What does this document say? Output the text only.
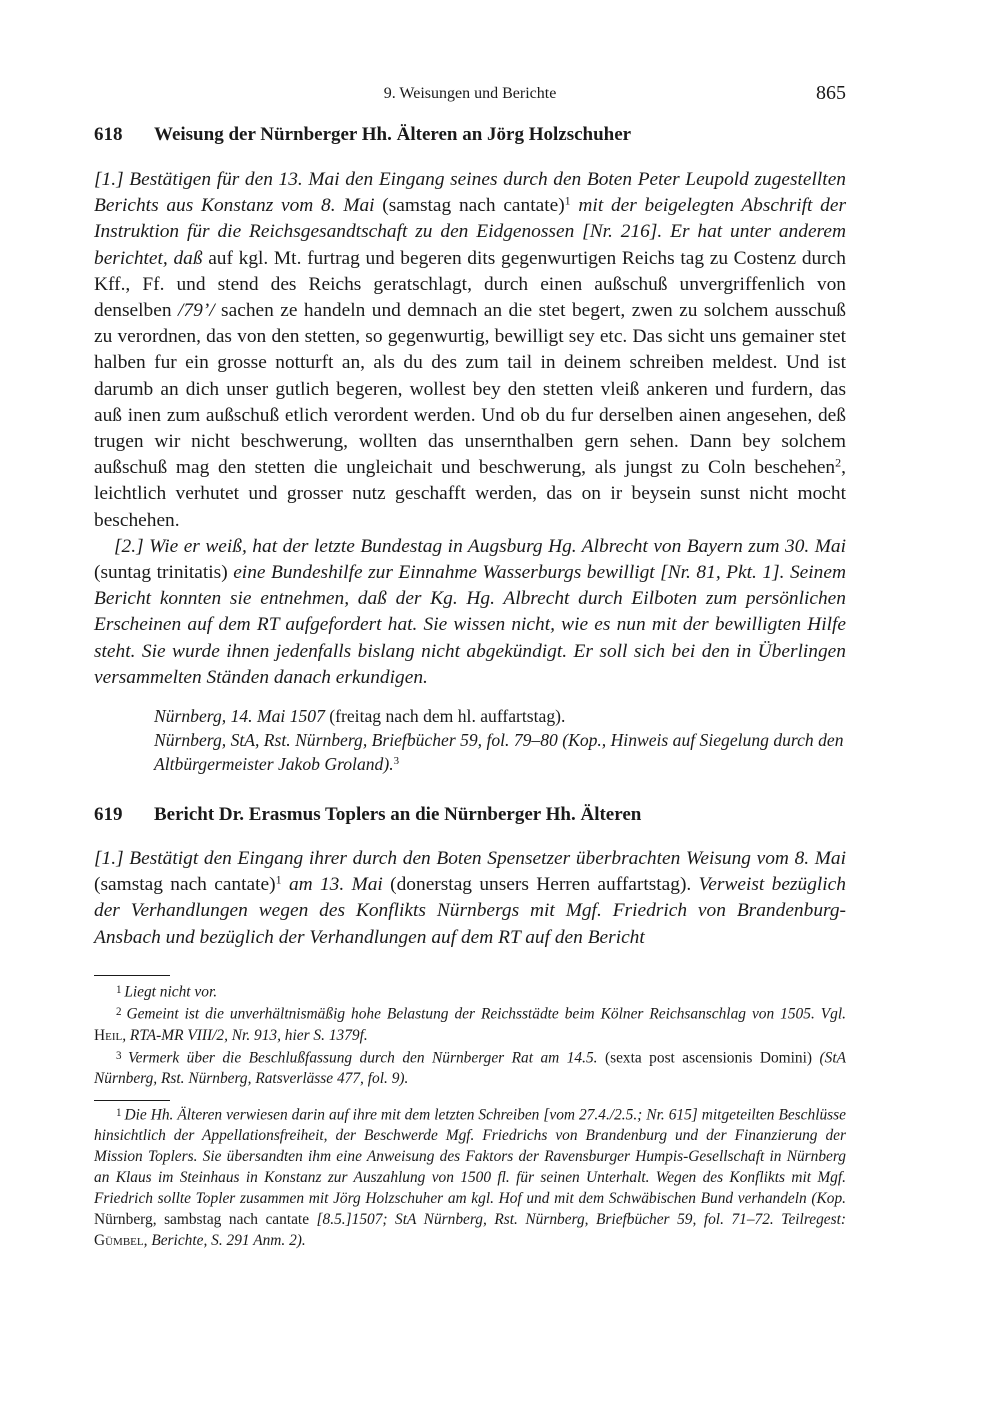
9. Weisungen und Berichte	865
618 Weisung der Nürnberger Hh. Älteren an Jörg Holzschuher

[1.] Bestätigen für den 13. Mai den Eingang seines durch den Boten Peter Leupold zugestellten Berichts aus Konstanz vom 8. Mai (samstag nach cantate)$^1$ mit der beigelegten Abschrift der Instruktion für die Reichsgesandtschaft zu den Eidgenossen [Nr. 216]. Er hat unter anderem berichtet, daß auf kgl. Mt. furtrag und begeren dits gegenwurtigen Reichs tag zu Costenz durch Kff., Ff. und stend des Reichs geratschlagt, durch einen außschuß unvergriffenlich von denselben /79’/ sachen ze handeln und demnach an die stet begert, zwen zu solchem ausschuß zu verordnen, das von den stetten, so gegenwurtig, bewilligt sey etc. Das sicht uns gemainer stet halben fur ein grosse notturft an, als du des zum tail in deinem schreiben meldest. Und ist darumb an dich unser gutlich begeren, wollest bey den stetten vleiß ankeren und furdern, das auß inen zum außschuß etlich verordent werden. Und ob du fur derselben ainen angesehen, deß trugen wir nicht beschwerung, wollten das unsernthalben gern sehen. Dann bey solchem außschuß mag den stetten die ungleichait und beschwerung, als jungst zu Coln beschehen$^2$, leichtlich verhutet und grosser nutz geschafft werden, das on ir beysein sunst nicht mocht beschehen.

[2.] Wie er weiß, hat der letzte Bundestag in Augsburg Hg. Albrecht von Bayern zum 30. Mai (suntag trinitatis) eine Bundeshilfe zur Einnahme Wasserburgs bewilligt [Nr. 81, Pkt. 1]. Seinem Bericht konnten sie entnehmen, daß der Kg. Hg. Albrecht durch Eilboten zum persönlichen Erscheinen auf dem RT aufgefordert hat. Sie wissen nicht, wie es nun mit der bewilligten Hilfe steht. Sie wurde ihnen jedenfalls bislang nicht abgekündigt. Er soll sich bei den in Überlingen versammelten Ständen danach erkundigen.

Nürnberg, 14. Mai 1507 (freitag nach dem hl. auffartstag).

Nürnberg, StA, Rst. Nürnberg, Briefbücher 59, fol. 79–80 (Kop., Hinweis auf Siegelung durch den Altbürgermeister Jakob Groland).$^3$

619 Bericht Dr. Erasmus Toplers an die Nürnberger Hh. Älteren

[1.] Bestätigt den Eingang ihrer durch den Boten Spensetzer überbrachten Weisung vom 8. Mai (samstag nach cantate)$^1$ am 13. Mai (donerstag unsers Herren auffartstag). Verweist bezüglich der Verhandlungen wegen des Konflikts Nürnbergs mit Mgf. Friedrich von Brandenburg-Ansbach und bezüglich der Verhandlungen auf dem RT auf den Bericht

$^1$ Liegt nicht vor.

$^2$ Gemeint ist die unverhältnismäßig hohe Belastung der Reichsstädte beim Kölner Reichsanschlag von 1505. Vgl. Heil, RTA-MR VIII/2, Nr. 913, hier S. 1379f.

$^3$ Vermerk über die Beschlußfassung durch den Nürnberger Rat am 14.5. (sexta post ascensionis Domini) (StA Nürnberg, Rst. Nürnberg, Ratsverlässe 477, fol. 9).

$^1$ Die Hh. Älteren verwiesen darin auf ihre mit dem letzten Schreiben [vom 27.4./2.5.; Nr. 615] mitgeteilten Beschlüsse hinsichtlich der Appellationsfreiheit, der Beschwerde Mgf. Friedrichs von Brandenburg und der Finanzierung der Mission Toplers. Sie übersandten ihm eine Anweisung des Faktors der Ravensburger Humpis-Gesellschaft in Nürnberg an Klaus im Steinhaus in Konstanz zur Auszahlung von 1500 fl. für seinen Unterhalt. Wegen des Konflikts mit Mgf. Friedrich sollte Topler zusammen mit Jörg Holzschuher am kgl. Hof und mit dem Schwäbischen Bund verhandeln (Kop. Nürnberg, sambstag nach cantate [8.5.]1507; StA Nürnberg, Rst. Nürnberg, Briefbücher 59, fol. 71–72. Teilregest: Gümbel, Berichte, S. 291 Anm. 2).
